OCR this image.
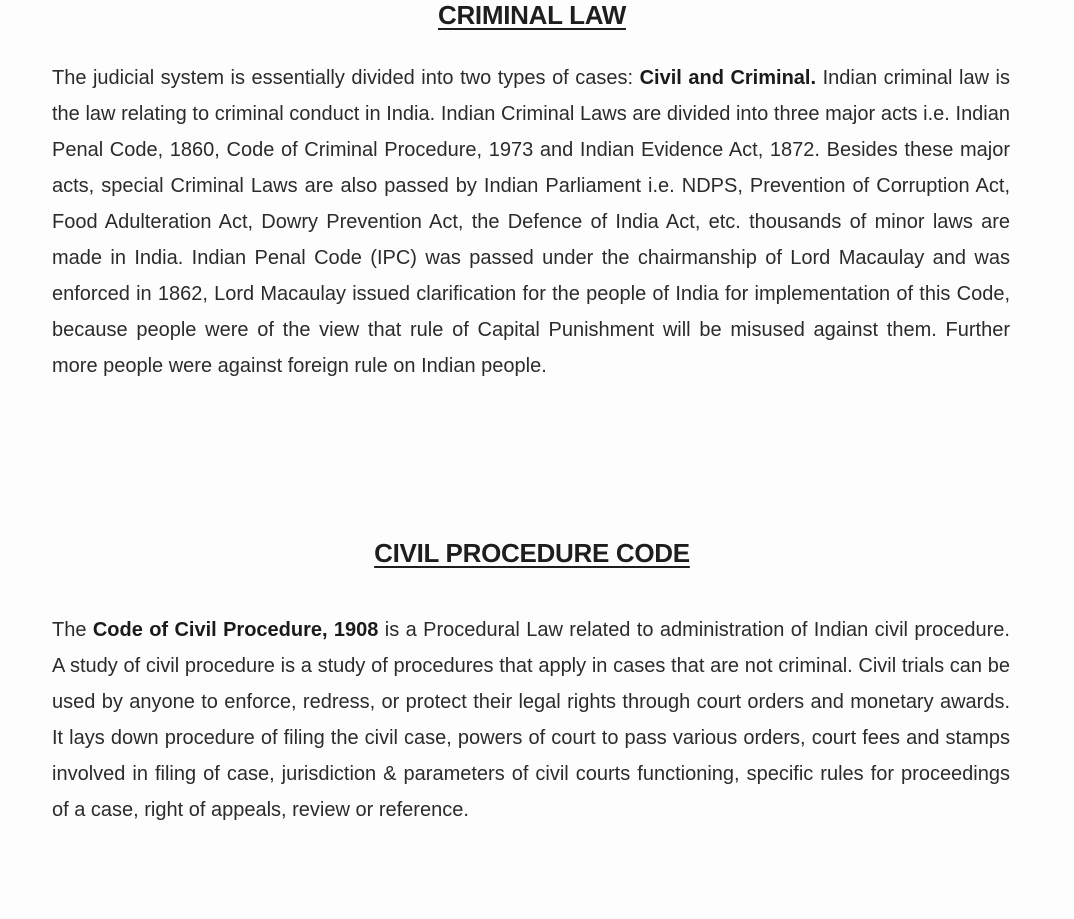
CRIMINAL LAW

The judicial system is essentially divided into two types of cases: Civil and Criminal. Indian criminal law is the law relating to criminal conduct in India. Indian Criminal Laws are divided into three major acts i.e. Indian Penal Code, 1860, Code of Criminal Procedure, 1973 and Indian Evidence Act, 1872. Besides these major acts, special Criminal Laws are also passed by Indian Parliament i.e. NDPS, Prevention of Corruption Act, Food Adulteration Act, Dowry Prevention Act, the Defence of India Act, etc. thousands of minor laws are made in India. Indian Penal Code (IPC) was passed under the chairmanship of Lord Macaulay and was enforced in 1862, Lord Macaulay issued clarification for the people of India for implementation of this Code, because people were of the view that rule of Capital Punishment will be misused against them. Further more people were against foreign rule on Indian people.

CIVIL PROCEDURE CODE

The Code of Civil Procedure, 1908 is a Procedural Law related to administration of Indian civil procedure. A study of civil procedure is a study of procedures that apply in cases that are not criminal. Civil trials can be used by anyone to enforce, redress, or protect their legal rights through court orders and monetary awards. It lays down procedure of filing the civil case, powers of court to pass various orders, court fees and stamps involved in filing of case, jurisdiction & parameters of civil courts functioning, specific rules for proceedings of a case, right of appeals, review or reference.
